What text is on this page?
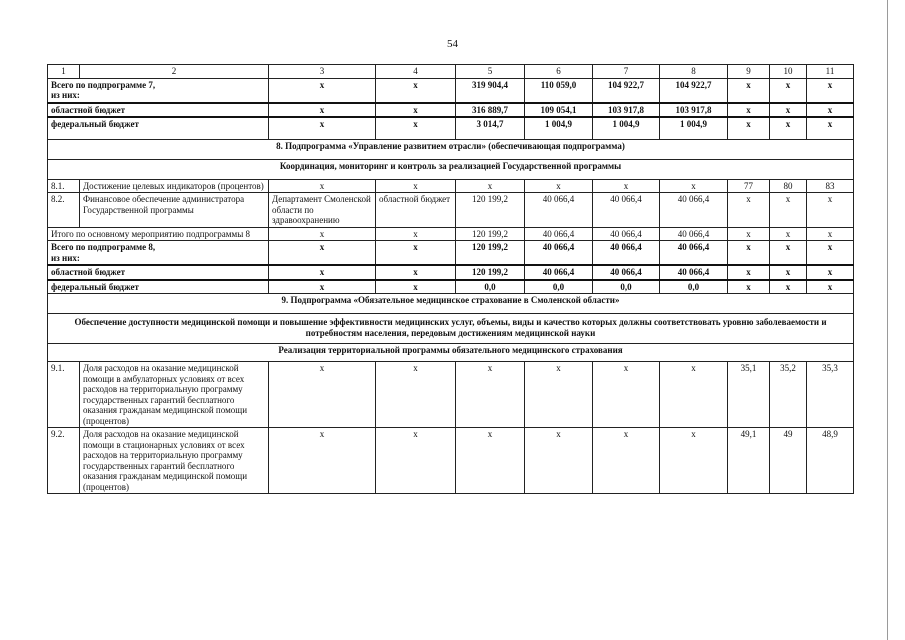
54
1	2	3	4	5	6	7	8	9	10	11
Всего по подпрограмме 7,
из них:		х	х	319 904,4	110 059,0	104 922,7	104 922,7	х	х	х
областной бюджет		х	х	316 889,7	109 054,1	103 917,8	103 917,8	х	х	х
федеральный бюджет		х	х	3 014,7	1 004,9	1 004,9	1 004,9	х	х	х
8. Подпрограмма «Управление развитием отрасли» (обеспечивающая подпрограмма)										
Координация, мониторинг и контроль за реализацией Государственной программы										
8.1.	Достижение целевых индикаторов (процентов)	х	х	х	х	х	х	77	80	83
8.2.	Финансовое обеспечение администратора Государственной программы	Департамент Смоленской области по здравоохранению	областной бюджет	120 199,2	40 066,4	40 066,4	40 066,4	х	х	х
Итого по основному мероприятию подпрограммы 8		х	х	120 199,2	40 066,4	40 066,4	40 066,4	х	х	х
Всего по подпрограмме 8,
из них:		х	х	120 199,2	40 066,4	40 066,4	40 066,4	х	х	х
областной бюджет		х	х	120 199,2	40 066,4	40 066,4	40 066,4	х	х	х
федеральный бюджет		х	х	0,0	0,0	0,0	0,0	х	х	х
9. Подпрограмма «Обязательное медицинское страхование в Смоленской области»										
Обеспечение доступности медицинской помощи и повышение эффективности медицинских услуг, объемы, виды и качество которых должны соответствовать уровню заболеваемости и потребностям населения, передовым достижениям медицинской науки										
Реализация территориальной программы обязательного медицинского страхования										
9.1.	Доля расходов на оказание медицинской помощи в амбулаторных условиях от всех расходов на территориальную программу государственных гарантий бесплатного оказания гражданам медицинской помощи (процентов)	х	х	х	х	х	х	35,1	35,2	35,3
9.2.	Доля расходов на оказание медицинской помощи в стационарных условиях от всех расходов на территориальную программу государственных гарантий бесплатного оказания гражданам медицинской помощи (процентов)	х	х	х	х	х	х	49,1	49	48,9
